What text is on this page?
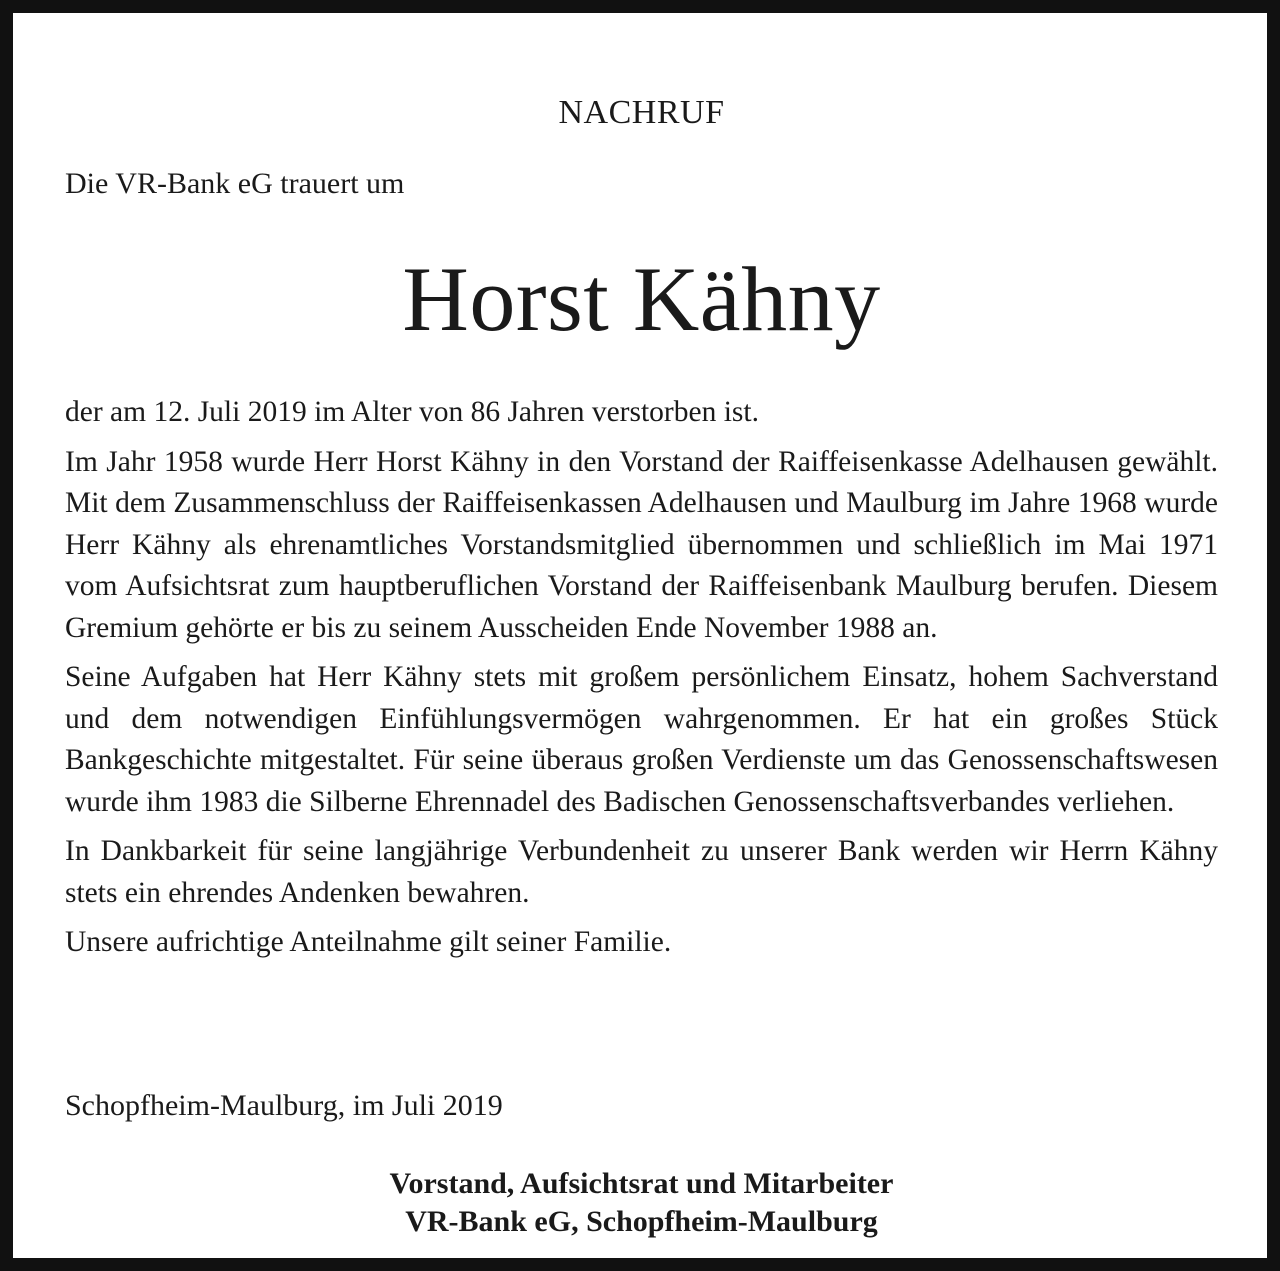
NACHRUF
Die VR-Bank eG trauert um
Horst Kähny

der am 12. Juli 2019 im Alter von 86 Jahren verstorben ist.

Im Jahr 1958 wurde Herr Horst Kähny in den Vorstand der Raiffeisenkasse Adelhausen gewählt. Mit dem Zusammenschluss der Raiffeisenkassen Adelhausen und Maulburg im Jahre 1968 wurde Herr Kähny als ehrenamtliches Vorstandsmitglied übernommen und schließlich im Mai 1971 vom Aufsichtsrat zum hauptberuflichen Vorstand der Raiffeisenbank Maulburg berufen. Diesem Gremium gehörte er bis zu seinem Ausscheiden Ende November 1988 an.

Seine Aufgaben hat Herr Kähny stets mit großem persönlichem Einsatz, hohem Sachverstand und dem notwendigen Einfühlungsvermögen wahrgenommen. Er hat ein großes Stück Bankgeschichte mitgestaltet. Für seine überaus großen Verdienste um das Genossenschaftswesen wurde ihm 1983 die Silberne Ehrennadel des Badischen Genossenschaftsverbandes verliehen.

In Dankbarkeit für seine langjährige Verbundenheit zu unserer Bank werden wir Herrn Kähny stets ein ehrendes Andenken bewahren.

Unsere aufrichtige Anteilnahme gilt seiner Familie.

Schopfheim-Maulburg, im Juli 2019
Vorstand, Aufsichtsrat und Mitarbeiter
VR-Bank eG, Schopfheim-Maulburg
